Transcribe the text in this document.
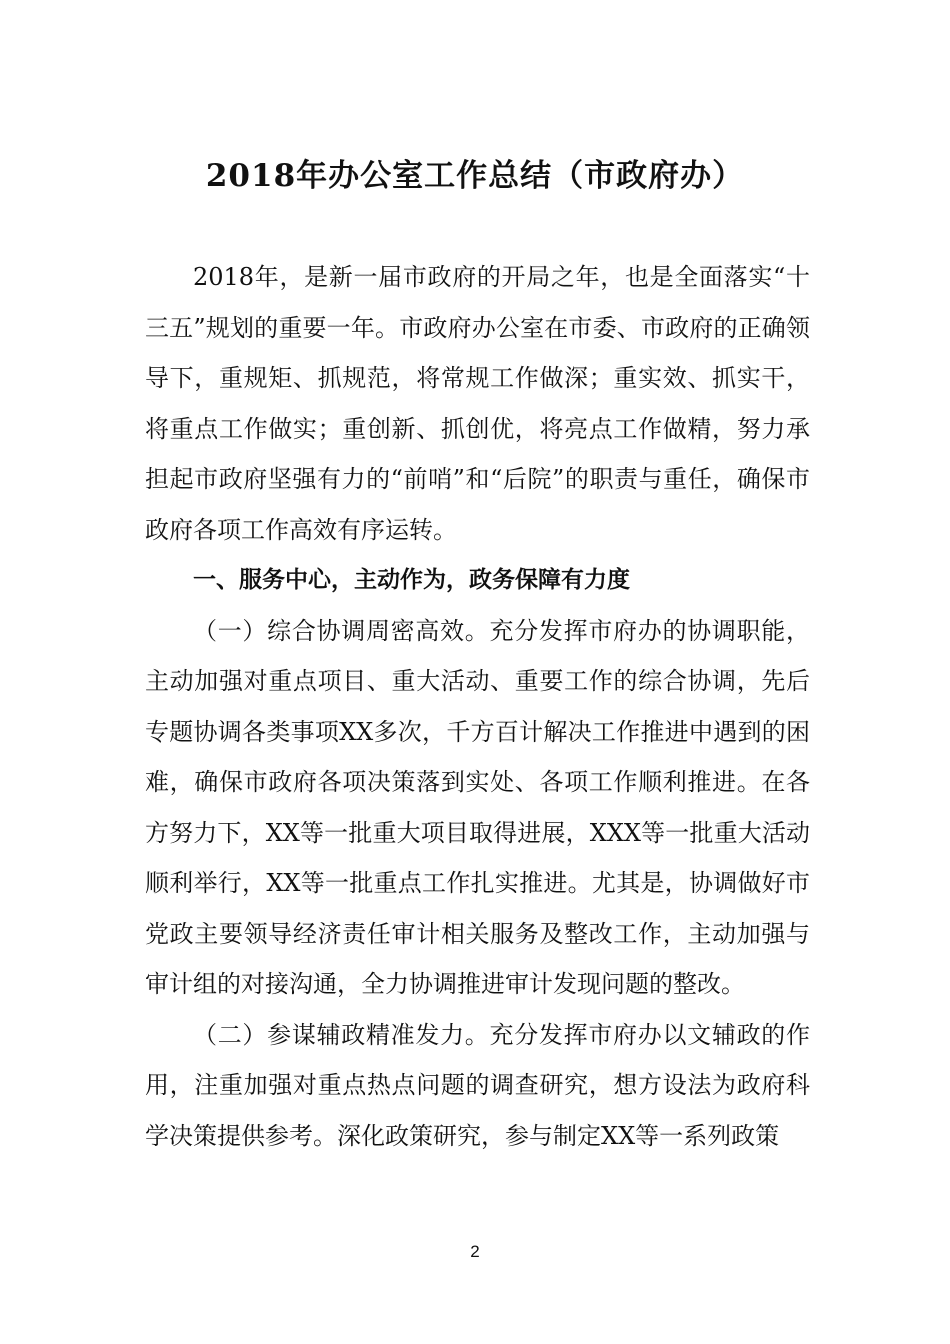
2018年办公室工作总结（市政府办）

2018年，是新一届市政府的开局之年，也是全面落实“十三五”规划的重要一年。市政府办公室在市委、市政府的正确领导下，重规矩、抓规范，将常规工作做深；重实效、抓实干，将重点工作做实；重创新、抓创优，将亮点工作做精，努力承担起市政府坚强有力的“前哨”和“后院”的职责与重任，确保市政府各项工作高效有序运转。

一、服务中心，主动作为，政务保障有力度

（一）综合协调周密高效。充分发挥市府办的协调职能，主动加强对重点项目、重大活动、重要工作的综合协调，先后专题协调各类事项XX多次，千方百计解决工作推进中遇到的困难，确保市政府各项决策落到实处、各项工作顺利推进。在各方努力下，XX等一批重大项目取得进展，XXX等一批重大活动顺利举行，XX等一批重点工作扎实推进。尤其是，协调做好市党政主要领导经济责任审计相关服务及整改工作，主动加强与审计组的对接沟通，全力协调推进审计发现问题的整改。

（二）参谋辅政精准发力。充分发挥市府办以文辅政的作用，注重加强对重点热点问题的调查研究，想方设法为政府科学决策提供参考。深化政策研究，参与制定XX等一系列政策

2
